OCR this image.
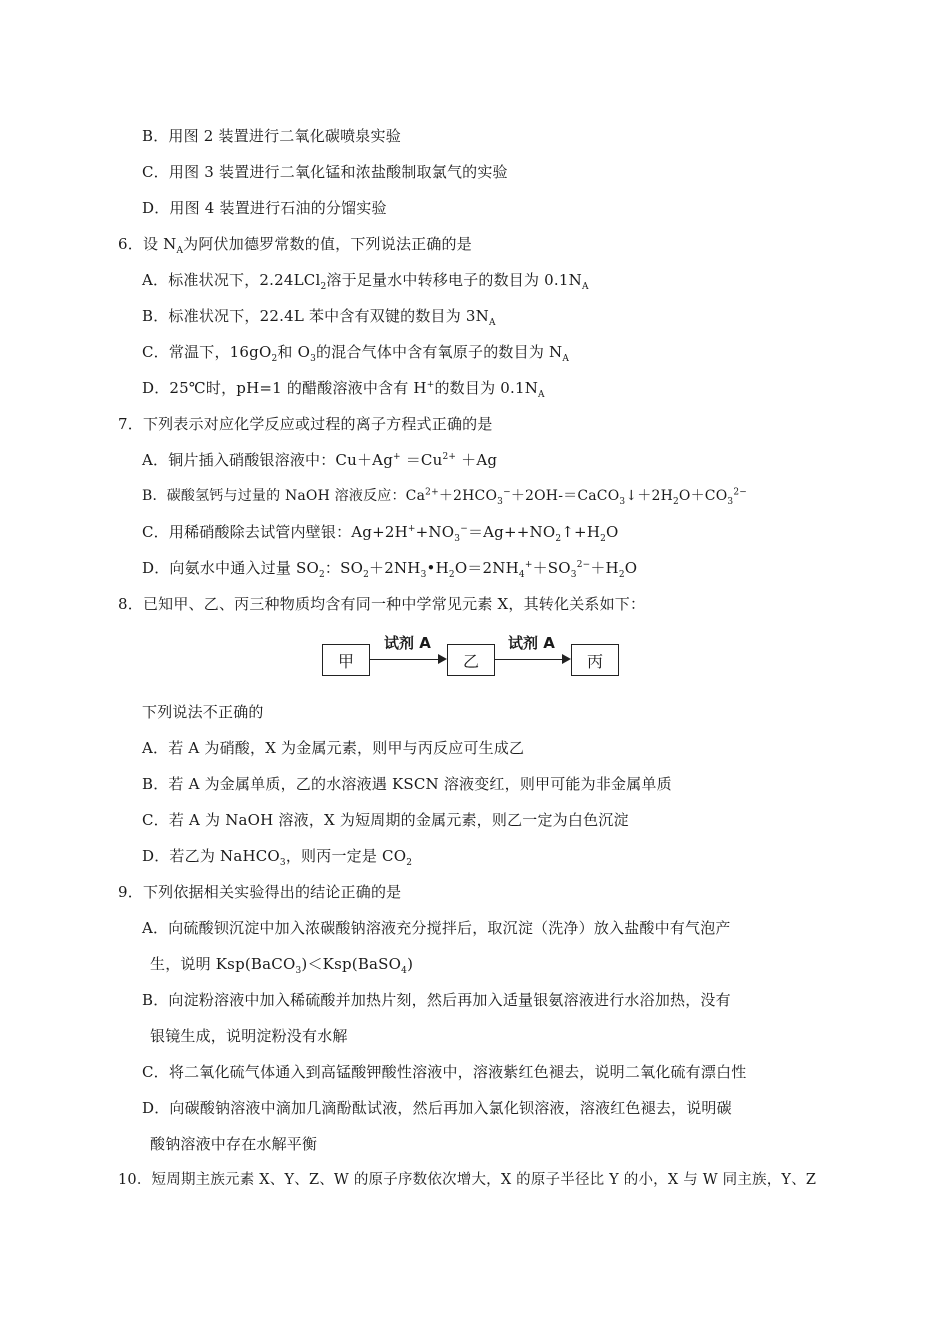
B．用图 2 装置进行二氧化碳喷泉实验
C．用图 3 装置进行二氧化锰和浓盐酸制取氯气的实验
D．用图 4 装置进行石油的分馏实验
6．设 $N_A$为阿伏加德罗常数的值，下列说法正确的是
A．标准状况下，2.24LCl$_2$溶于足量水中转移电子的数目为 $0.1N_A$
B．标准状况下，22.4L 苯中含有双键的数目为 $3N_A$
C．常温下，$16gO_2$和 $O_3$的混合气体中含有氧原子的数目为 $N_A$
D．25℃时，pH=1 的醋酸溶液中含有 H+的数目为 $0.1N_A$
7．下列表示对应化学反应或过程的离子方程式正确的是
A．铜片插入硝酸银溶液中：$Cu+Ag^+ =Cu^{2+} +Ag$
B．碳酸氢钙与过量的 NaOH 溶液反应：$Ca^{2+}+2HCO_3^-+2OH-=CaCO_3↓+2H_2O+CO_3^{2-}$
C．用稀硝酸除去试管内壁银：$Ag+2H^++NO_3^-=Ag++NO_2↑+H_2O$
D．向氨水中通入过量 $SO_2$：$SO_2+2NH_3•H_2O=2NH_4^++SO_3^{2-}+H_2O$
8．已知甲、乙、丙三种物质均含有同一种中学常见元素 X，其转化关系如下：
甲
试剂 A
乙
试剂 A
丙
下列说法不正确的
A．若 A 为硝酸，X 为金属元素，则甲与丙反应可生成乙
B．若 A 为金属单质，乙的水溶液遇 KSCN 溶液变红，则甲可能为非金属单质
C．若 A 为 NaOH 溶液，X 为短周期的金属元素，则乙一定为白色沉淀
D．若乙为 NaHCO$_3$，则丙一定是 $CO_2$
9．下列依据相关实验得出的结论正确的是
A．向硫酸钡沉淀中加入浓碳酸钠溶液充分搅拌后，取沉淀（洗净）放入盐酸中有气泡产
生，说明 Ksp(BaCO$_3$)＜Ksp(BaSO$_4$)
B．向淀粉溶液中加入稀硫酸并加热片刻，然后再加入适量银氨溶液进行水浴加热，没有
银镜生成，说明淀粉没有水解
C．将二氧化硫气体通入到高锰酸钾酸性溶液中，溶液紫红色褪去，说明二氧化硫有漂白性
D．向碳酸钠溶液中滴加几滴酚酞试液，然后再加入氯化钡溶液，溶液红色褪去，说明碳
酸钠溶液中存在水解平衡
10．短周期主族元素 X、Y、Z、W 的原子序数依次增大，X 的原子半径比 Y 的小，X 与 W 同主族，Y、Z
